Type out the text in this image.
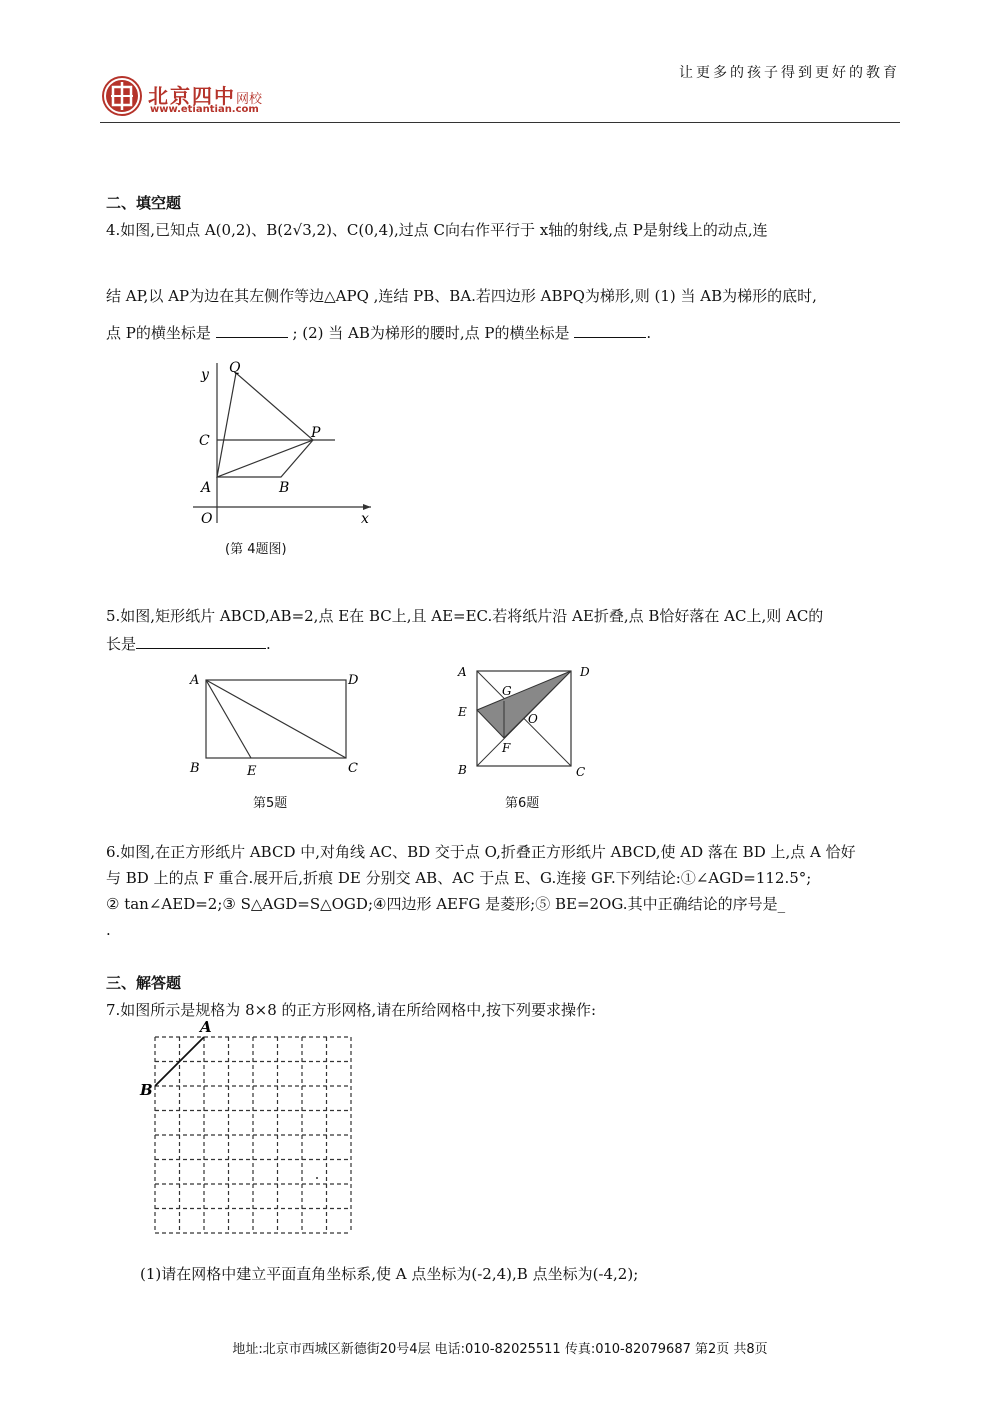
北京四中网校
www.etiantian.com
让更多的孩子得到更好的教育
二、填空题
4.如图,已知点 A(0,2)、B(2√3,2)、C(0,4),过点 C向右作平行于 x轴的射线,点 P是射线上的动点,连
结 AP,以 AP为边在其左侧作等边△APQ ,连结 PB、BA.若四边形 ABPQ为梯形,则 (1) 当 AB为梯形的底时,
点 P的横坐标是	; (2) 当 AB为梯形的腰时,点 P的横坐标是	.
y Q
C	P
A	B
O	x
(第 4题图)
5.如图,矩形纸片 ABCD,AB=2,点 E在 BC上,且 AE=EC.若将纸片沿 AE折叠,点 B恰好落在 AC上,则 AC的
长是	.
A	D
B	E	C
第5题
A	D
G
E	O
F
B	C
第6题
6.如图,在正方形纸片 ABCD 中,对角线 AC、BD 交于点 O,折叠正方形纸片 ABCD,使 AD 落在 BD 上,点 A 恰好
与 BD 上的点 F 重合.展开后,折痕 DE 分别交 AB、AC 于点 E、G.连接 GF.下列结论:①∠AGD=112.5°;
② tan∠AED=2;③ S△AGD=S△OGD;④四边形 AEFG 是菱形;⑤ BE=2OG.其中正确结论的序号是_
.
三、解答题
7.如图所示是规格为 8×8 的正方形网格,请在所给网格中,按下列要求操作:
A
B
(1)请在网格中建立平面直角坐标系,使 A 点坐标为(-2,4),B 点坐标为(-4,2);
地址:北京市西城区新德街20号4层 电话:010-82025511 传真:010-82079687 第2页 共8页
